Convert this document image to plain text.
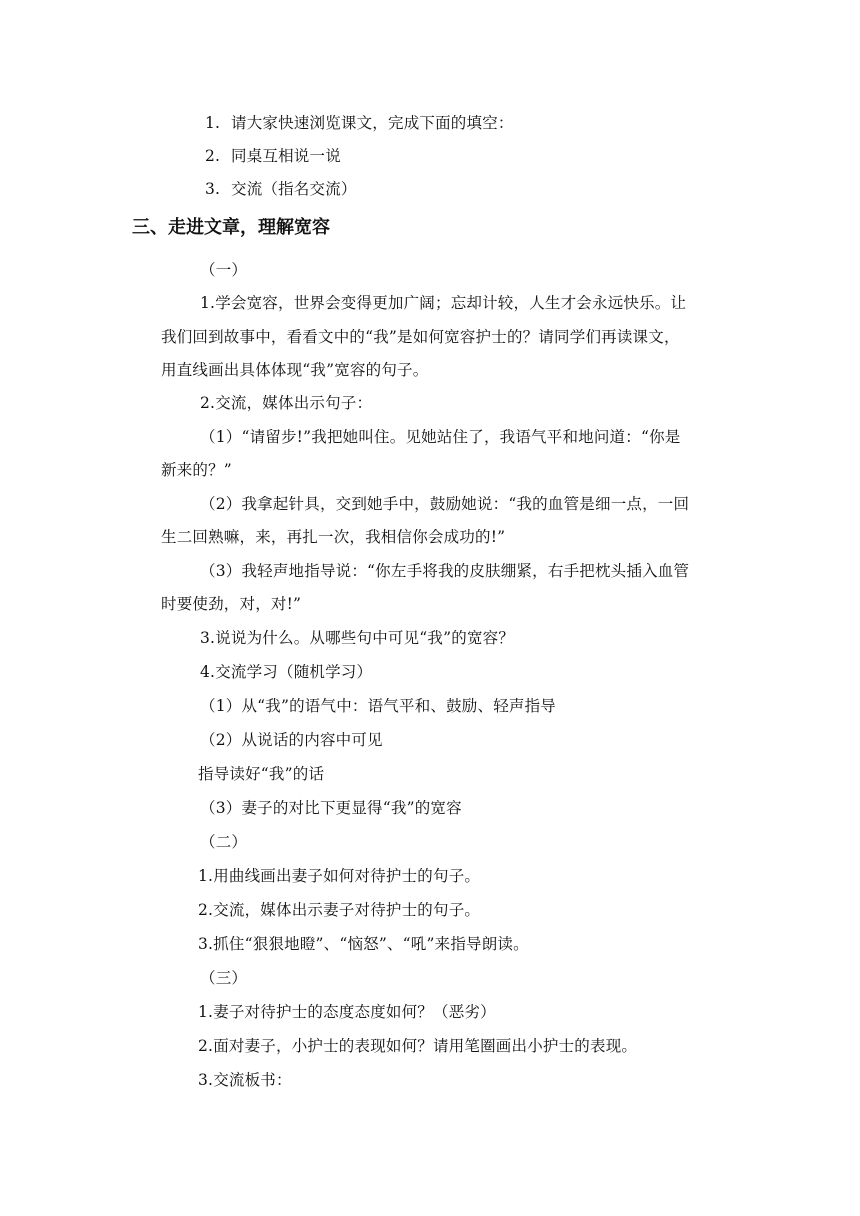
1. 请大家快速浏览课文，完成下面的填空：
2. 同桌互相说一说
3. 交流（指名交流）
三、走进文章，理解宽容
（一）
1.学会宽容，世界会变得更加广阔；忘却计较，人生才会永远快乐。让
我们回到故事中，看看文中的“我”是如何宽容护士的？请同学们再读课文，
用直线画出具体体现“我”宽容的句子。
2.交流，媒体出示句子：
（1）“请留步!”我把她叫住。见她站住了，我语气平和地问道：“你是
新来的？”
（2）我拿起针具，交到她手中，鼓励她说：“我的血管是细一点，一回
生二回熟嘛，来，再扎一次，我相信你会成功的!”
（3）我轻声地指导说：“你左手将我的皮肤绷紧，右手把枕头插入血管
时要使劲，对，对!”
3.说说为什么。从哪些句中可见“我”的宽容？
4.交流学习（随机学习）
（1）从“我”的语气中：语气平和、鼓励、轻声指导
（2）从说话的内容中可见
指导读好“我”的话
（3）妻子的对比下更显得“我”的宽容
（二）
1.用曲线画出妻子如何对待护士的句子。
2.交流，媒体出示妻子对待护士的句子。
3.抓住“狠狠地瞪”、“恼怒”、“吼”来指导朗读。
（三）
1.妻子对待护士的态度态度如何？（恶劣）
2.面对妻子，小护士的表现如何？请用笔圈画出小护士的表现。
3.交流板书：
